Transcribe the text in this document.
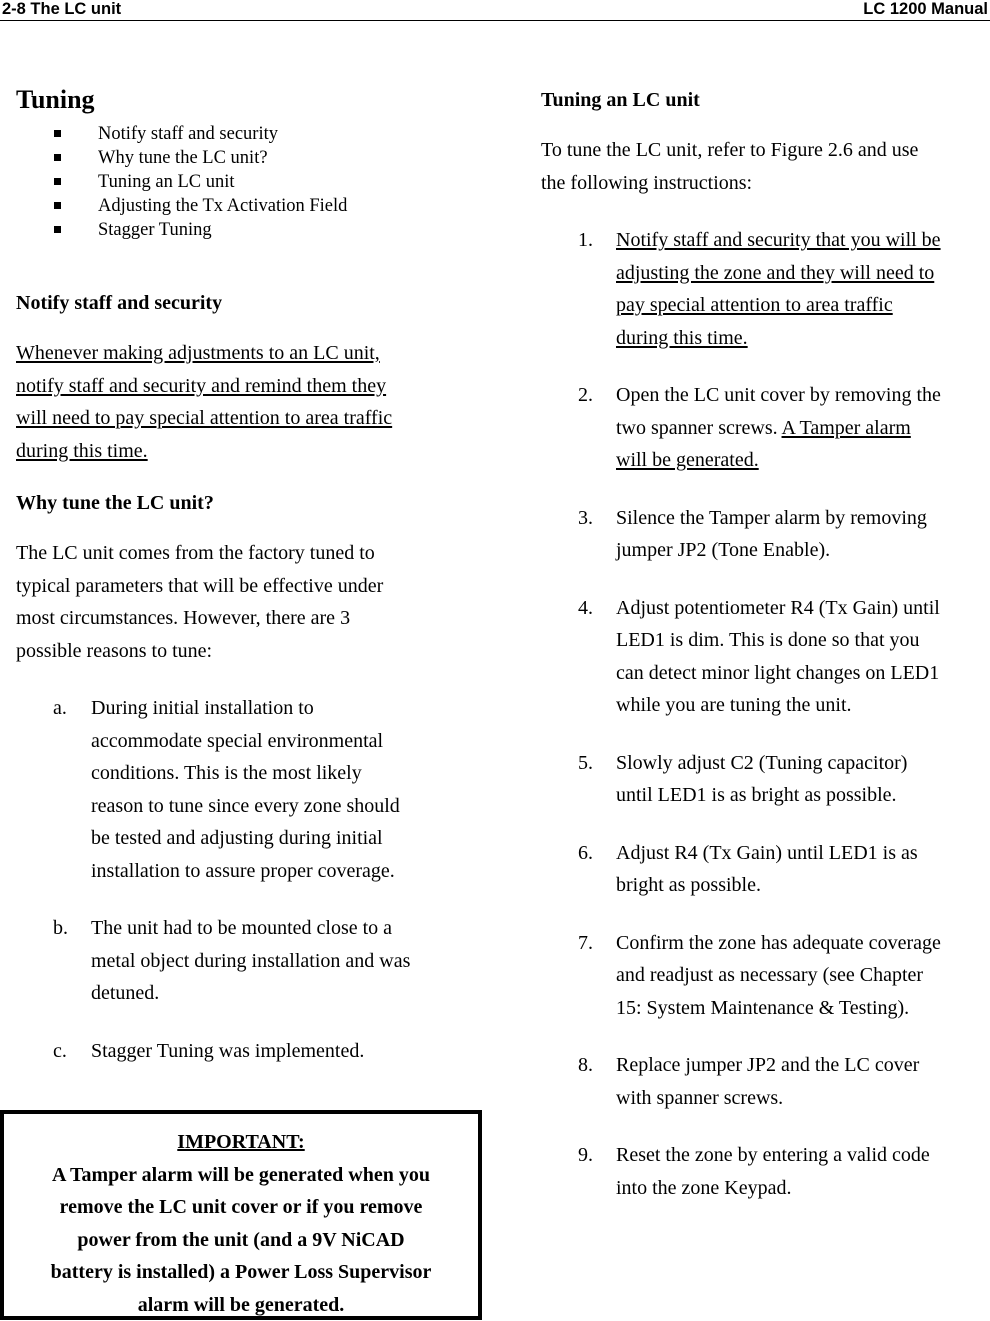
2-8 The LC unit	LC 1200 Manual
Tuning
Notify staff and security
Why tune the LC unit?
Tuning an LC unit
Adjusting the Tx Activation Field
Stagger Tuning
Notify staff and security

Whenever making adjustments to an LC unit,
notify staff and security and remind them they
will need to pay special attention to area traffic
during this time.

Why tune the LC unit?

The LC unit comes from the factory tuned to
typical parameters that will be effective under
most circumstances. However, there are 3
possible reasons to tune:

a. During initial installation to
accommodate special environmental
conditions. This is the most likely
reason to tune since every zone should
be tested and adjusting during initial
installation to assure proper coverage.
b. The unit had to be mounted close to a
metal object during installation and was
detuned.
c. Stagger Tuning was implemented.
IMPORTANT:
A Tamper alarm will be generated when you
remove the LC unit cover or if you remove
power from the unit (and a 9V NiCAD
battery is installed) a Power Loss Supervisor
alarm will be generated.
Tuning an LC unit

To tune the LC unit, refer to Figure 2.6 and use
the following instructions:

1. Notify staff and security that you will be
adjusting the zone and they will need to
pay special attention to area traffic
during this time.
2. Open the LC unit cover by removing the
two spanner screws. A Tamper alarm
will be generated.
3. Silence the Tamper alarm by removing
jumper JP2 (Tone Enable).
4. Adjust potentiometer R4 (Tx Gain) until
LED1 is dim. This is done so that you
can detect minor light changes on LED1
while you are tuning the unit.
5. Slowly adjust C2 (Tuning capacitor)
until LED1 is as bright as possible.
6. Adjust R4 (Tx Gain) until LED1 is as
bright as possible.
7. Confirm the zone has adequate coverage
and readjust as necessary (see Chapter
15: System Maintenance & Testing).
8. Replace jumper JP2 and the LC cover
with spanner screws.
9. Reset the zone by entering a valid code
into the zone Keypad.
